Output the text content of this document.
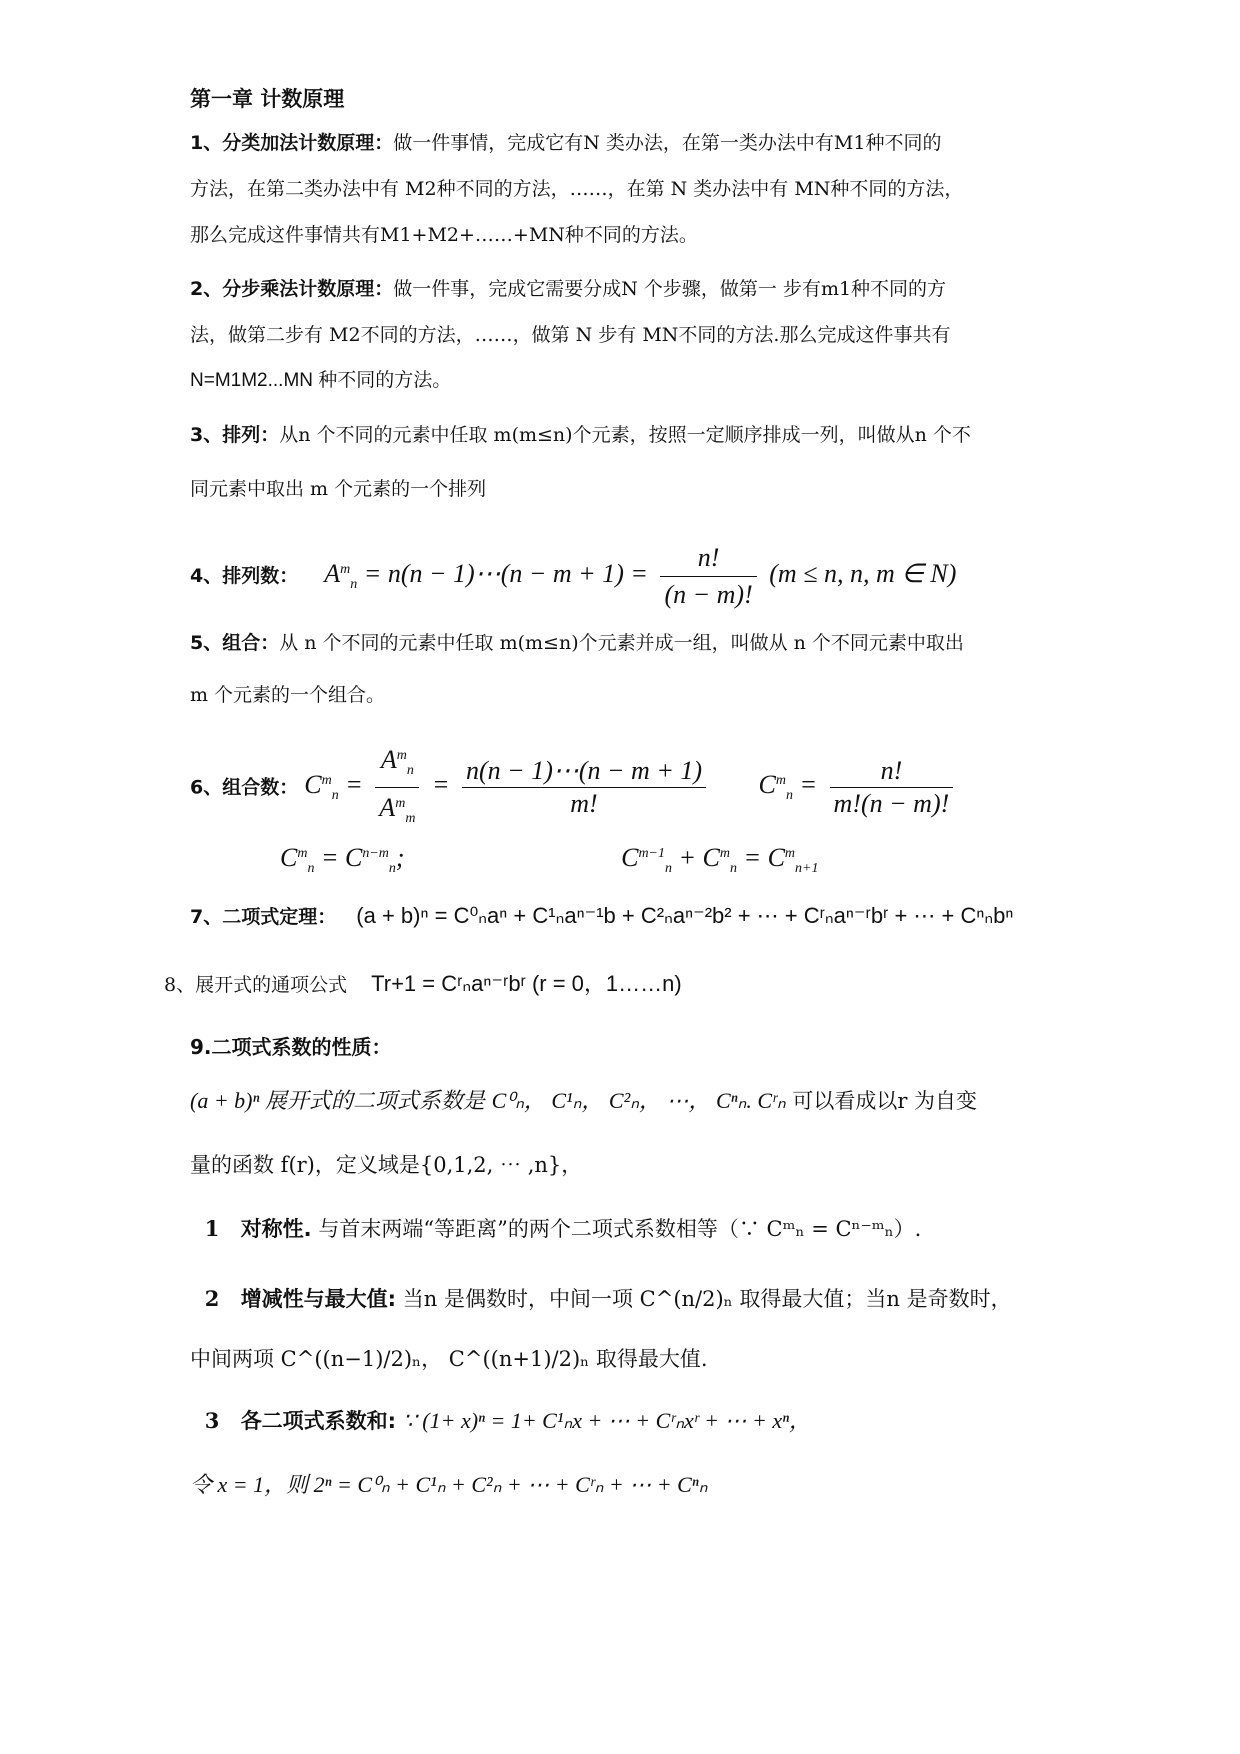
第一章 计数原理
1、分类加法计数原理：做一件事情，完成它有N 类办法，在第一类办法中有M1种不同的
方法，在第二类办法中有 M2种不同的方法，……，在第 N 类办法中有 MN种不同的方法，
那么完成这件事情共有M1+M2+……+MN种不同的方法。
2、分步乘法计数原理：做一件事，完成它需要分成N 个步骤，做第一 步有m1种不同的方
法，做第二步有 M2不同的方法，……，做第 N 步有 MN不同的方法.那么完成这件事共有
N=M1M2...MN 种不同的方法。
3、排列：从n 个不同的元素中任取 m(m≤n)个元素，按照一定顺序排成一列，叫做从n 个不
同元素中取出 m 个元素的一个排列
4、排列数： $A^m_n = n(n$ − 1)⋯(n − $m + 1) = \frac{n!}{(n - m)!} (m \le n$, n, m ∈ N)
5、组合：从 n 个不同的元素中任取 m(m≤n)个元素并成一组，叫做从 n 个不同元素中取出
m 个元素的一个组合。
6、组合数： $C^m_n = \frac{A^m_n}{A^m_m} = \frac{n(n - 1)\cdots(n - m + 1)}{m!} C^m_n = \frac{n!}{m!(n - m)!}$
$C^m_n = C^{n-m}_n$;	$C^{m-1}_n + C^m_n = C^m_{n+1}$
7、二项式定理： (a + b)ⁿ = C⁰ₙaⁿ + C¹ₙaⁿ⁻¹b + C²ₙaⁿ⁻²b² + ⋯ + Cʳₙaⁿ⁻ʳbʳ + ⋯ + Cⁿₙbⁿ
8、展开式的通项公式 Tr+1 = Cʳₙaⁿ⁻ʳbʳ (r = 0，1……n)
9.二项式系数的性质：
(a + b)ⁿ 展开式的二项式系数是 C⁰ₙ， C¹ₙ， C²ₙ， ⋯， Cⁿₙ. Cʳₙ 可以看成以r 为自变
量的函数 f(r)，定义域是{0,1,2, ⋯ ,n}，
1 对称性. 与首末两端“等距离”的两个二项式系数相等（∵ Cᵐₙ = Cⁿ⁻ᵐₙ）.
2 增减性与最大值: 当n 是偶数时，中间一项 C^(n/2)ₙ 取得最大值；当n 是奇数时，
中间两项 C^((n−1)/2)ₙ， C^((n+1)/2)ₙ 取得最大值.
3 各二项式系数和: ∵ (1+ x)ⁿ = 1+ C¹ₙx + ⋯ + Cʳₙxʳ + ⋯ + xⁿ，
令 x = 1，则 2ⁿ = C⁰ₙ + C¹ₙ + C²ₙ + ⋯ + Cʳₙ + ⋯ + Cⁿₙ
